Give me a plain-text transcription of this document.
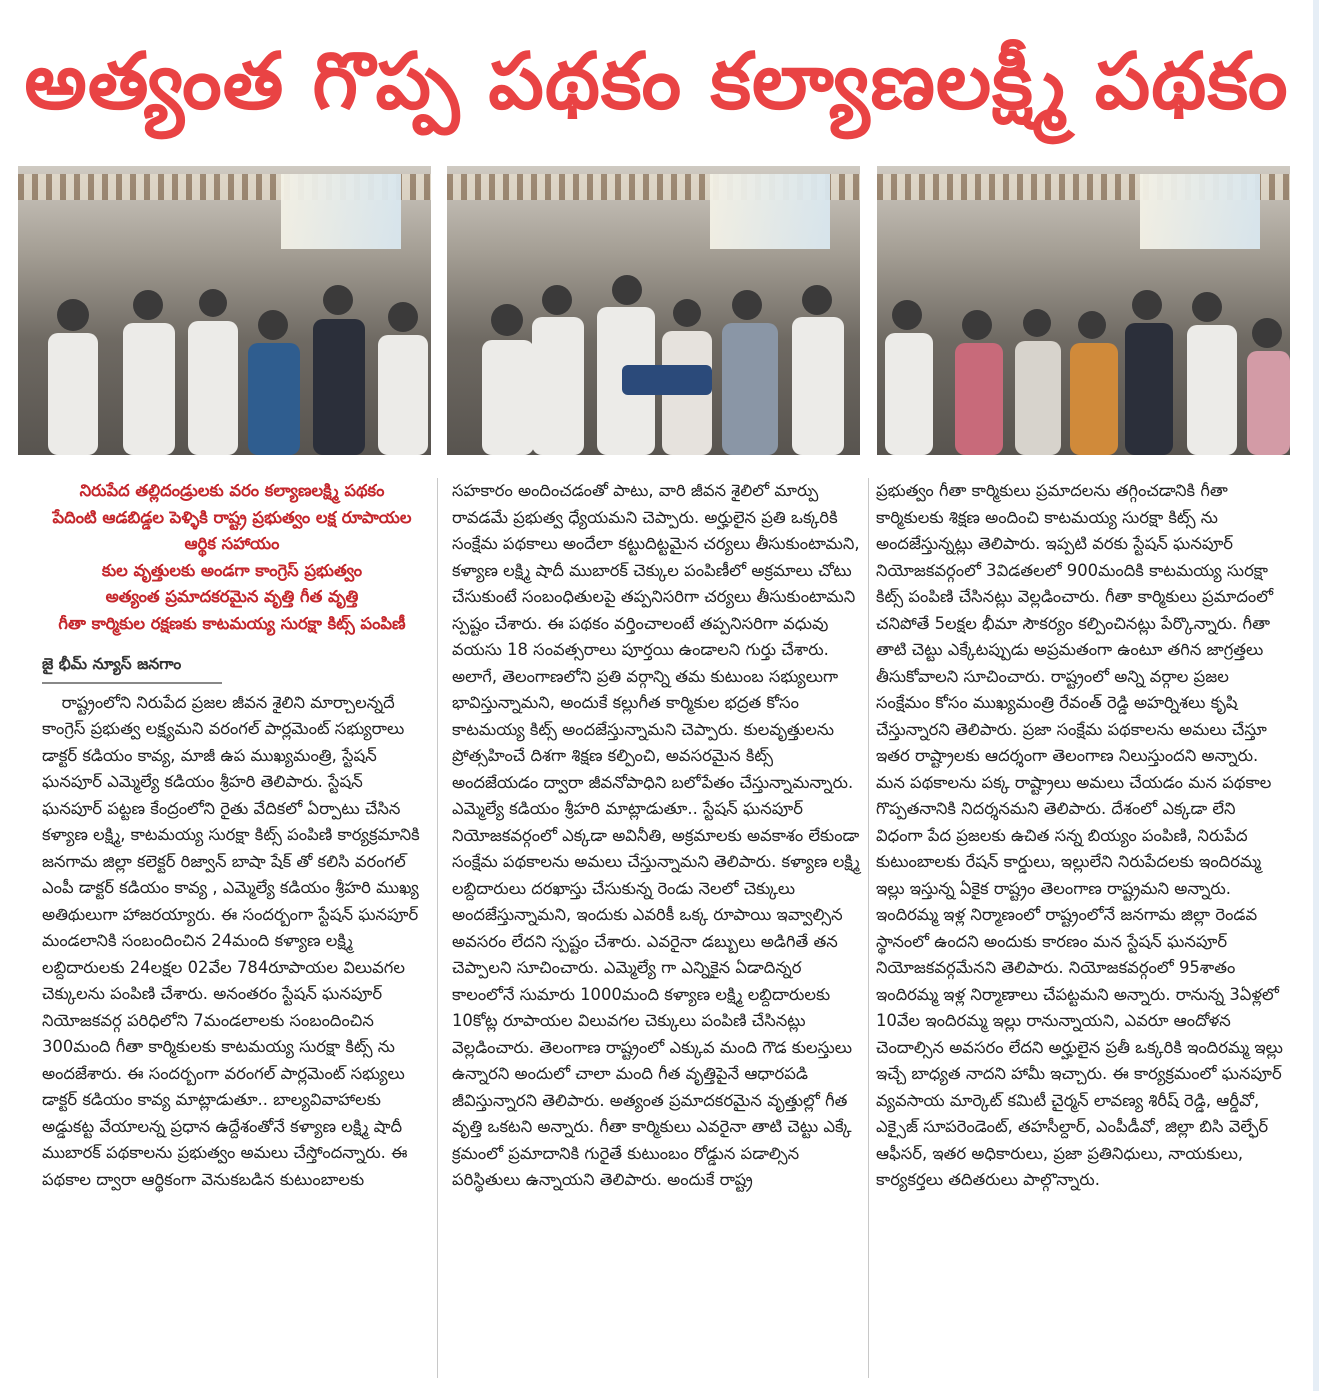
అత్యంత గొప్ప పథకం కల్యాణలక్ష్మీ పథకం
నిరుపేద తల్లిదండ్రులకు వరం కల్యాణలక్ష్మి పథకం
పేదింటి ఆడబిడ్డల పెళ్ళికి రాష్ట్ర ప్రభుత్వం లక్ష రూపాయల ఆర్థిక సహాయం
కుల వృత్తులకు అండగా కాంగ్రెస్ ప్రభుత్వం
అత్యంత ప్రమాదకరమైన వృత్తి గీత వృత్తి
గీతా కార్మికుల రక్షణకు కాటమయ్య సురక్షా కిట్స్ పంపిణీ
జై భీమ్ న్యూస్ జనగాం

రాష్ట్రంలోని నిరుపేద ప్రజల జీవన శైలిని మార్చాలన్నదే కాంగ్రెస్ ప్రభుత్వ లక్ష్యమని వరంగల్ పార్లమెంట్ సభ్యురాలు డాక్టర్ కడియం కావ్య, మాజీ ఉప ముఖ్యమంత్రి, స్టేషన్ ఘనపూర్ ఎమ్మెల్యే కడియం శ్రీహరి తెలిపారు. స్టేషన్ ఘనపూర్ పట్టణ కేంద్రంలోని రైతు వేదికలో ఏర్పాటు చేసిన కళ్యాణ లక్ష్మి, కాటమయ్య సురక్షా కిట్స్ పంపిణి కార్యక్రమానికి జనగామ జిల్లా కలెక్టర్ రిజ్వాన్ బాషా షేక్ తో కలిసి వరంగల్ ఎంపీ డాక్టర్ కడియం కావ్య , ఎమ్మెల్యే కడియం శ్రీహరి ముఖ్య అతిథులుగా హాజరయ్యారు. ఈ సందర్బంగా స్టేషన్ ఘనపూర్ మండలానికి సంబందించిన 24మంది కళ్యాణ లక్ష్మి లబ్దిదారులకు 24లక్షల 02వేల 784రూపాయల విలువగల చెక్కులను పంపిణి చేశారు. అనంతరం స్టేషన్ ఘనపూర్ నియోజకవర్గ పరిధిలోని 7మండలాలకు సంబందించిన 300మంది గీతా కార్మికులకు కాటమయ్య సురక్షా కిట్స్ ను అందజేశారు. ఈ సందర్బంగా వరంగల్ పార్లమెంట్ సభ్యులు డాక్టర్ కడియం కావ్య మాట్లాడుతూ.. బాల్యవివాహాలకు అడ్డుకట్ట వేయాలన్న ప్రధాన ఉద్దేశంతోనే కళ్యాణ లక్ష్మి షాదీ ముబారక్ పథకాలను ప్రభుత్వం అమలు చేస్తోందన్నారు. ఈ పథకాల ద్వారా ఆర్థికంగా వెనుకబడిన కుటుంబాలకు

సహకారం అందించడంతో పాటు, వారి జీవన శైలిలో మార్పు రావడమే ప్రభుత్వ ధ్యేయమని చెప్పారు. అర్హులైన ప్రతి ఒక్కరికి సంక్షేమ పథకాలు అందేలా కట్టుదిట్టమైన చర్యలు తీసుకుంటామని, కళ్యాణ లక్ష్మి షాదీ ముబారక్ చెక్కుల పంపిణీలో అక్రమాలు చోటు చేసుకుంటే సంబంధితులపై తప్పనిసరిగా చర్యలు తీసుకుంటామని స్పష్టం చేశారు. ఈ పథకం వర్తించాలంటే తప్పనిసరిగా వధువు వయసు 18 సంవత్సరాలు పూర్తయి ఉండాలని గుర్తు చేశారు. అలాగే, తెలంగాణలోని ప్రతి వర్గాన్ని తమ కుటుంబ సభ్యులుగా భావిస్తున్నామని, అందుకే కల్లుగీత కార్మికుల భద్రత కోసం కాటమయ్య కిట్స్ అందజేస్తున్నామని చెప్పారు. కులవృత్తులను ప్రోత్సహించే దిశగా శిక్షణ కల్పించి, అవసరమైన కిట్స్ అందజేయడం ద్వారా జీవనోపాధిని బలోపేతం చేస్తున్నామన్నారు. ఎమ్మెల్యే కడియం శ్రీహరి మాట్లాడుతూ.. స్టేషన్ ఘనపూర్ నియోజకవర్గంలో ఎక్కడా అవినీతి, అక్రమాలకు అవకాశం లేకుండా సంక్షేమ పథకాలను అమలు చేస్తున్నామని తెలిపారు. కళ్యాణ లక్ష్మి లబ్దిదారులు దరఖాస్తు చేసుకున్న రెండు నెలలో చెక్కులు అందజేస్తున్నామని, ఇందుకు ఎవరికీ ఒక్క రూపాయి ఇవ్వాల్సిన అవసరం లేదని స్పష్టం చేశారు. ఎవరైనా డబ్బులు అడిగితే తన చెప్పాలని సూచించారు. ఎమ్మెల్యే గా ఎన్నికైన ఏడాదిన్నర కాలంలోనే సుమారు 1000మంది కళ్యాణ లక్ష్మి లబ్దిదారులకు 10కోట్ల రూపాయల విలువగల చెక్కులు పంపిణి చేసినట్లు వెల్లడించారు. తెలంగాణ రాష్ట్రంలో ఎక్కువ మంది గౌడ కులస్తులు ఉన్నారని అందులో చాలా మంది గీత వృత్తిపైనే ఆధారపడి జీవిస్తున్నారని తెలిపారు. అత్యంత ప్రమాదకరమైన వృత్తుల్లో గీత వృత్తి ఒకటని అన్నారు. గీతా కార్మికులు ఎవరైనా తాటి చెట్టు ఎక్కే క్రమంలో ప్రమాదానికి గురైతే కుటుంబం రోడ్డున పడాల్సిన పరిస్థితులు ఉన్నాయని తెలిపారు. అందుకే రాష్ట్ర

ప్రభుత్వం గీతా కార్మికులు ప్రమాదలను తగ్గించడానికి గీతా కార్మికులకు శిక్షణ అందించి కాటమయ్య సురక్షా కిట్స్ ను అందజేస్తున్నట్లు తెలిపారు. ఇప్పటి వరకు స్టేషన్ ఘనపూర్ నియోజకవర్గంలో 3విడతలలో 900మందికి కాటమయ్య సురక్షా కిట్స్ పంపిణి చేసినట్లు వెల్లడించారు. గీతా కార్మికులు ప్రమాదంలో చనిపోతే 5లక్షల భీమా సౌకర్యం కల్పించినట్లు పేర్కొన్నారు. గీతా తాటి చెట్టు ఎక్కేటప్పుడు అప్రమతంగా ఉంటూ తగిన జాగ్రత్తలు తీసుకోవాలని సూచించారు. రాష్ట్రంలో అన్ని వర్గాల ప్రజల సంక్షేమం కోసం ముఖ్యమంత్రి రేవంత్ రెడ్డి అహర్నిశలు కృషి చేస్తున్నారని తెలిపారు. ప్రజా సంక్షేమ పథకాలను అమలు చేస్తూ ఇతర రాష్ట్రాలకు ఆదర్శంగా తెలంగాణ నిలుస్తుందని అన్నారు. మన పథకాలను పక్క రాష్ట్రాలు అమలు చేయడం మన పథకాల గొప్పతనానికి నిదర్శనమని తెలిపారు. దేశంలో ఎక్కడా లేని విధంగా పేద ప్రజలకు ఉచిత సన్న బియ్యం పంపిణి, నిరుపేద కుటుంబాలకు రేషన్ కార్డులు, ఇల్లులేని నిరుపేదలకు ఇందిరమ్మ ఇల్లు ఇస్తున్న ఏకైక రాష్ట్రం తెలంగాణ రాష్ట్రమని అన్నారు. ఇందిరమ్మ ఇళ్ల నిర్మాణంలో రాష్ట్రంలోనే జనగామ జిల్లా రెండవ స్థానంలో ఉందని అందుకు కారణం మన స్టేషన్ ఘనపూర్ నియోజకవర్గమేనని తెలిపారు. నియోజకవర్గంలో 95శాతం ఇందిరమ్మ ఇళ్ల నిర్మాణాలు చేపట్టమని అన్నారు. రానున్న 3ఏళ్లలో 10వేల ఇందిరమ్మ ఇల్లు రానున్నాయని, ఎవరూ ఆందోళన చెందాల్సిన అవసరం లేదని అర్హులైన ప్రతీ ఒక్కరికి ఇందిరమ్మ ఇల్లు ఇచ్చే బాధ్యత నాదని హామీ ఇచ్చారు. ఈ కార్యక్రమంలో ఘనపూర్ వ్యవసాయ మార్కెట్ కమిటీ చైర్మన్ లావణ్య శిరీష్ రెడ్డి, ఆర్డీవో, ఎక్సైజ్ సూపరెండెంట్, తహసీల్దార్, ఎంపీడీవో, జిల్లా బిసి వెల్ఫేర్ ఆఫీసర్, ఇతర అధికారులు, ప్రజా ప్రతినిధులు, నాయకులు, కార్యకర్తలు తదితరులు పాల్గొన్నారు.
